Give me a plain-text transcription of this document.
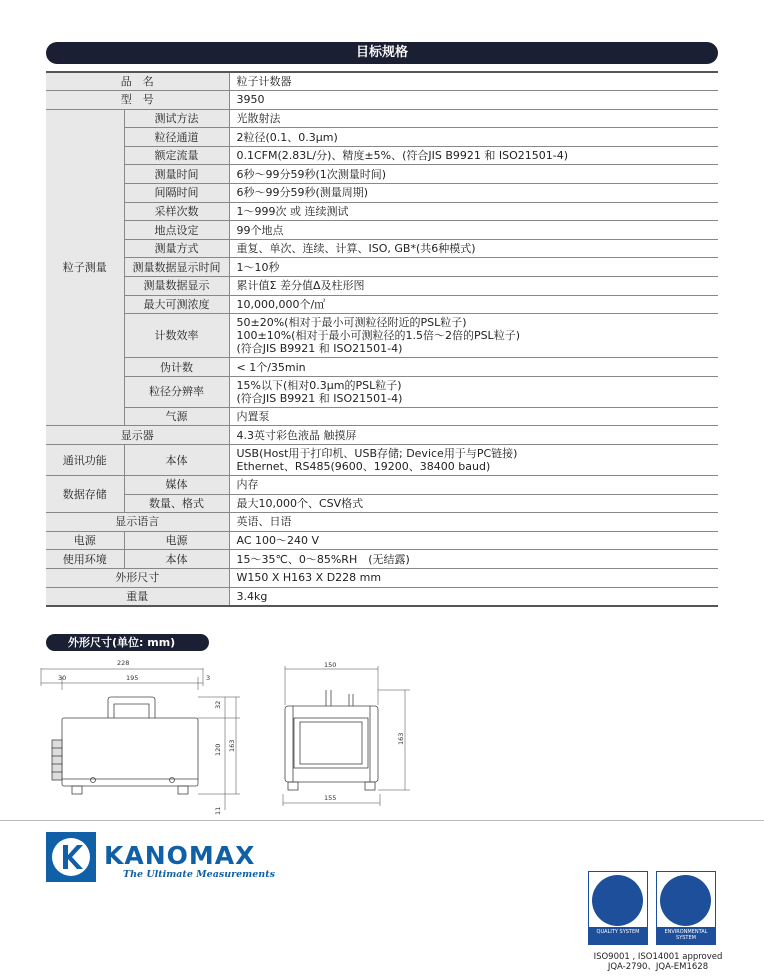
目标规格
品　名		粒子计数器
型　号		3950
粒子测量	测试方法	光散射法
	粒径通道	2粒径(0.1、0.3μm)
	额定流量	0.1CFM(2.83L/分)、精度±5%、(符合JIS B9921 和 ISO21501-4)
	测量时间	6秒～99分59秒(1次测量时间)
	间隔时间	6秒～99分59秒(测量周期)
	采样次数	1～999次 或 连续测试
	地点设定	99个地点
	测量方式	重复、单次、连续、计算、ISO, GB*(共6种模式)
	测量数据显示时间	1～10秒
	测量数据显示	累计值Σ 差分值Δ及柱形图
	最大可测浓度	10,000,000个/㎥
	计数效率	50±20%(相对于最小可测粒径附近的PSL粒子)
100±10%(相对于最小可测粒径的1.5倍～2倍的PSL粒子)
(符合JIS B9921 和 ISO21501-4)

	伪计数	< 1个/35min
	粒径分辨率	15%以下(相对0.3μm的PSL粒子)
(符合JIS B9921 和 ISO21501-4)

	气源	内置泵
显示器		4.3英寸彩色液晶 触摸屏
通讯功能	本体	USB(Host用于打印机、USB存储; Device用于与PC链接)
Ethernet、RS485(9600、19200、38400 baud)

数据存储	媒体	内存
	数量、格式	最大10,000个、CSV格式
显示语言		英语、日语
电源	电源	AC 100～240 V
使用环境	本体	15～35℃、0～85%RH　(无结露)
外形尺寸		W150 X H163 X D228 mm
重量		3.4kg
外形尺寸(单位: mm)
228
30	195	3
32
120 163
11
150
163
155
KANOMAX
The Ultimate Measurements
QUALITY SYSTEM	ENVIRONMENTAL SYSTEM
ISO9001 , ISO14001 approved
JQA-2790、JQA-EM1628
